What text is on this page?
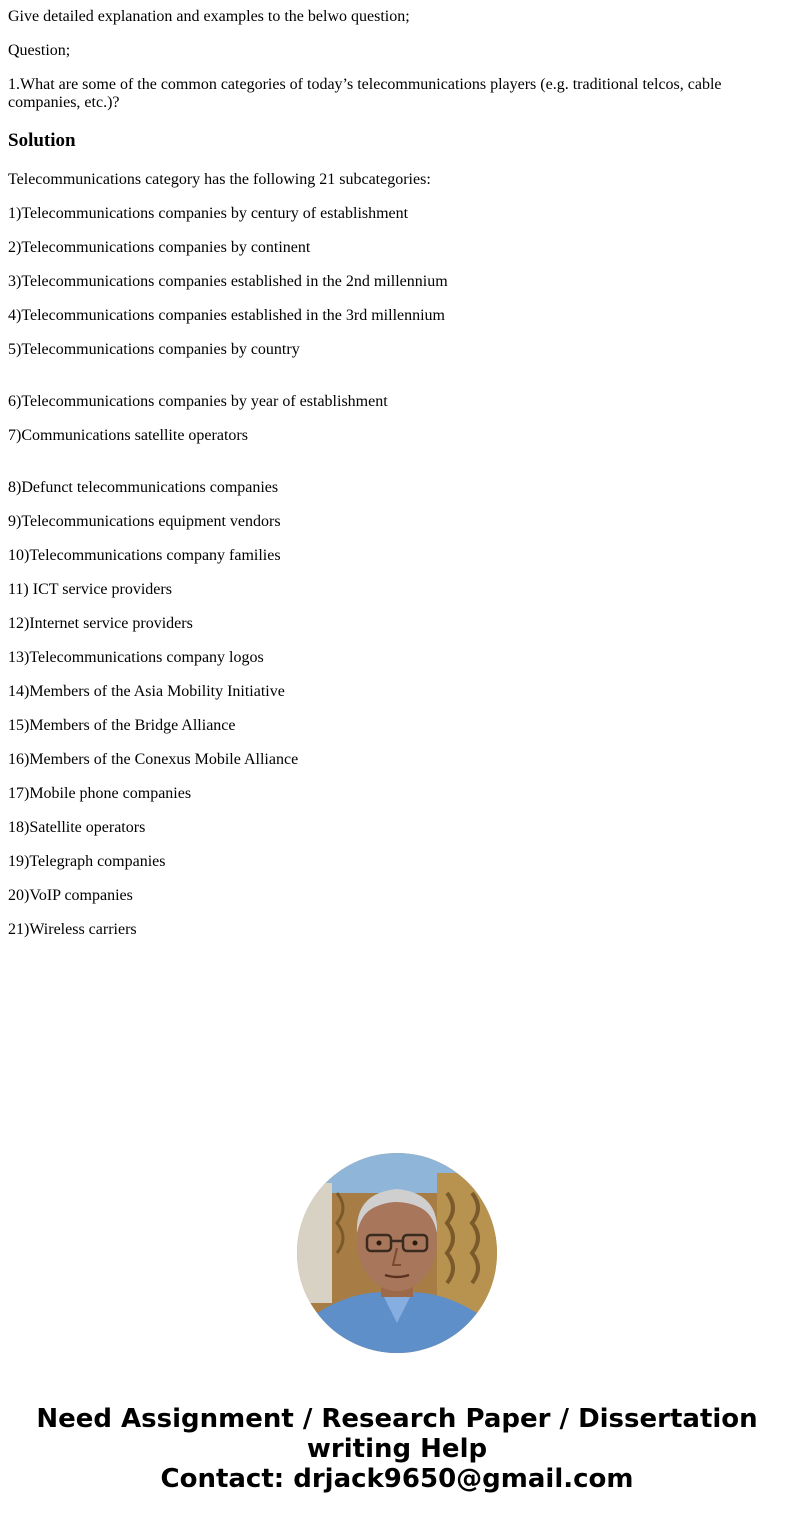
Give detailed explanation and examples to the belwo question;

Question;

1.What are some of the common categories of today’s telecommunications players (e.g. traditional telcos, cable companies, etc.)?

Solution

Telecommunications category has the following 21 subcategories:

1)Telecommunications companies by century of establishment

2)Telecommunications companies by continent

3)Telecommunications companies established in the 2nd millennium

4)Telecommunications companies established in the 3rd millennium

5)Telecommunications companies by country

6)Telecommunications companies by year of establishment

7)Communications satellite operators

8)Defunct telecommunications companies

9)Telecommunications equipment vendors

10)Telecommunications company families

11) ICT service providers

12)Internet service providers

13)Telecommunications company logos

14)Members of the Asia Mobility Initiative

15)Members of the Bridge Alliance

16)Members of the Conexus Mobile Alliance

17)Mobile phone companies

18)Satellite operators

19)Telegraph companies

20)VoIP companies

21)Wireless carriers

Need Assignment / Research Paper / Dissertation
writing Help
Contact: drjack9650@gmail.com
